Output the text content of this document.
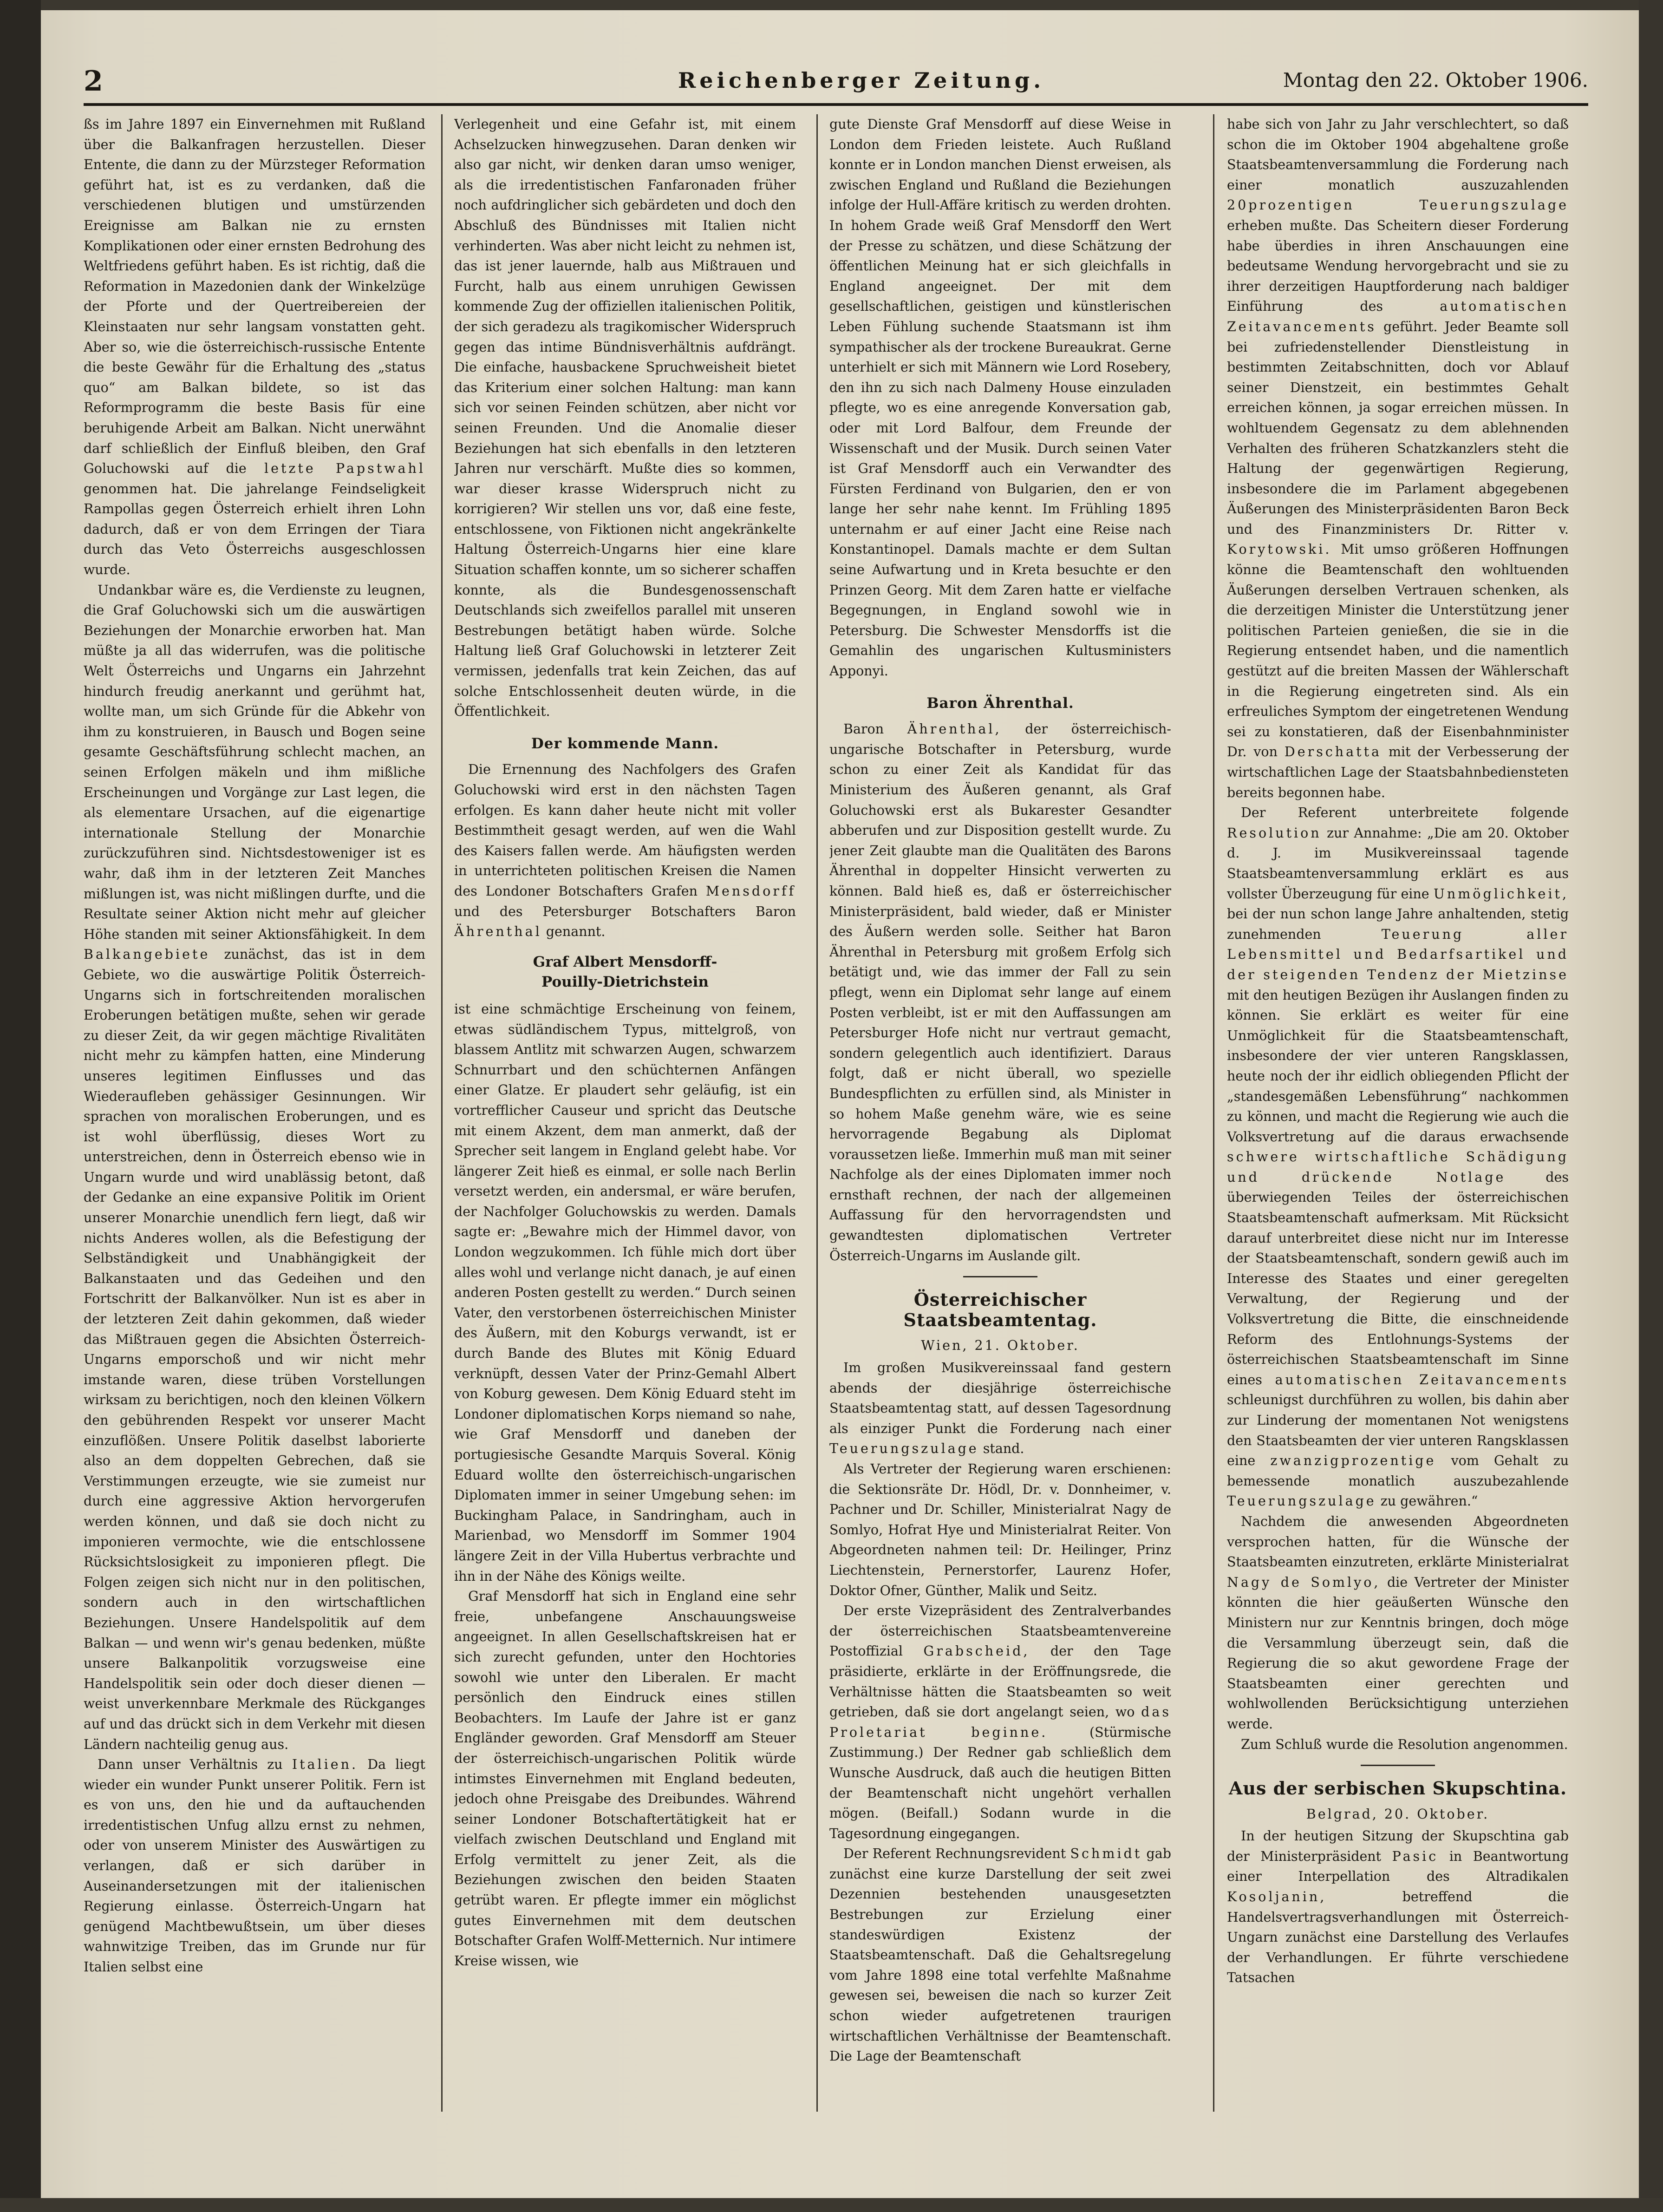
2	Reichenberger Zeitung.	Montag den 22. Oktober 1906.

ßs im Jahre 1897 ein Einvernehmen mit Rußland über die Balkanfragen herzustellen. Dieser Entente, die dann zu der Mürzsteger Reformation geführt hat, ist es zu verdanken, daß die verschiedenen blutigen und umstürzenden Ereignisse am Balkan nie zu ernsten Komplikationen oder einer ernsten Bedrohung des Weltfriedens geführt haben. Es ist richtig, daß die Reformation in Mazedonien dank der Winkelzüge der Pforte und der Quertreibereien der Kleinstaaten nur sehr langsam vonstatten geht. Aber so, wie die österreichisch-russische Entente die beste Gewähr für die Erhaltung des „status quo“ am Balkan bildete, so ist das Reformprogramm die beste Basis für eine beruhigende Arbeit am Balkan. Nicht unerwähnt darf schließlich der Einfluß bleiben, den Graf Goluchowski auf die letzte Papstwahl genommen hat. Die jahrelange Feindseligkeit Rampollas gegen Österreich erhielt ihren Lohn dadurch, daß er von dem Erringen der Tiara durch das Veto Österreichs ausgeschlossen wurde.

Undankbar wäre es, die Verdienste zu leugnen, die Graf Goluchowski sich um die auswärtigen Beziehungen der Monarchie erworben hat. Man müßte ja all das widerrufen, was die politische Welt Österreichs und Ungarns ein Jahrzehnt hindurch freudig anerkannt und gerühmt hat, wollte man, um sich Gründe für die Abkehr von ihm zu konstruieren, in Bausch und Bogen seine gesamte Geschäftsführung schlecht machen, an seinen Erfolgen mäkeln und ihm mißliche Erscheinungen und Vorgänge zur Last legen, die als elementare Ursachen, auf die eigenartige internationale Stellung der Monarchie zurückzuführen sind. Nichtsdestoweniger ist es wahr, daß ihm in der letzteren Zeit Manches mißlungen ist, was nicht mißlingen durfte, und die Resultate seiner Aktion nicht mehr auf gleicher Höhe standen mit seiner Aktionsfähigkeit. In dem Balkangebiete zunächst, das ist in dem Gebiete, wo die auswärtige Politik Österreich-Ungarns sich in fortschreitenden moralischen Eroberungen betätigen mußte, sehen wir gerade zu dieser Zeit, da wir gegen mächtige Rivalitäten nicht mehr zu kämpfen hatten, eine Minderung unseres legitimen Einflusses und das Wiederaufleben gehässiger Gesinnungen. Wir sprachen von moralischen Eroberungen, und es ist wohl überflüssig, dieses Wort zu unterstreichen, denn in Österreich ebenso wie in Ungarn wurde und wird unablässig betont, daß der Gedanke an eine expansive Politik im Orient unserer Monarchie unendlich fern liegt, daß wir nichts Anderes wollen, als die Befestigung der Selbständigkeit und Unabhängigkeit der Balkanstaaten und das Gedeihen und den Fortschritt der Balkanvölker. Nun ist es aber in der letzteren Zeit dahin gekommen, daß wieder das Mißtrauen gegen die Absichten Österreich-Ungarns emporschoß und wir nicht mehr imstande waren, diese trüben Vorstellungen wirksam zu berichtigen, noch den kleinen Völkern den gebührenden Respekt vor unserer Macht einzuflößen. Unsere Politik daselbst laborierte also an dem doppelten Gebrechen, daß sie Verstimmungen erzeugte, wie sie zumeist nur durch eine aggressive Aktion hervorgerufen werden können, und daß sie doch nicht zu imponieren vermochte, wie die entschlossene Rücksichtslosigkeit zu imponieren pflegt. Die Folgen zeigen sich nicht nur in den politischen, sondern auch in den wirtschaftlichen Beziehungen. Unsere Handelspolitik auf dem Balkan — und wenn wir's genau bedenken, müßte unsere Balkanpolitik vorzugsweise eine Handelspolitik sein oder doch dieser dienen — weist unverkennbare Merkmale des Rückganges auf und das drückt sich in dem Verkehr mit diesen Ländern nachteilig genug aus.

Dann unser Verhältnis zu Italien. Da liegt wieder ein wunder Punkt unserer Politik. Fern ist es von uns, den hie und da auftauchenden irredentistischen Unfug allzu ernst zu nehmen, oder von unserem Minister des Auswärtigen zu verlangen, daß er sich darüber in Auseinandersetzungen mit der italienischen Regierung einlasse. Österreich-Ungarn hat genügend Machtbewußtsein, um über dieses wahnwitzige Treiben, das im Grunde nur für Italien selbst eine

Verlegenheit und eine Gefahr ist, mit einem Achselzucken hinwegzusehen. Daran denken wir also gar nicht, wir denken daran umso weniger, als die irredentistischen Fanfaronaden früher noch aufdringlicher sich gebärdeten und doch den Abschluß des Bündnisses mit Italien nicht verhinderten. Was aber nicht leicht zu nehmen ist, das ist jener lauernde, halb aus Mißtrauen und Furcht, halb aus einem unruhigen Gewissen kommende Zug der offiziellen italienischen Politik, der sich geradezu als tragikomischer Widerspruch gegen das intime Bündnisverhältnis aufdrängt. Die einfache, hausbackene Spruchweisheit bietet das Kriterium einer solchen Haltung: man kann sich vor seinen Feinden schützen, aber nicht vor seinen Freunden. Und die Anomalie dieser Beziehungen hat sich ebenfalls in den letzteren Jahren nur verschärft. Mußte dies so kommen, war dieser krasse Widerspruch nicht zu korrigieren? Wir stellen uns vor, daß eine feste, entschlossene, von Fiktionen nicht angekränkelte Haltung Österreich-Ungarns hier eine klare Situation schaffen konnte, um so sicherer schaffen konnte, als die Bundesgenossenschaft Deutschlands sich zweifellos parallel mit unseren Bestrebungen betätigt haben würde. Solche Haltung ließ Graf Goluchowski in letzterer Zeit vermissen, jedenfalls trat kein Zeichen, das auf solche Entschlossenheit deuten würde, in die Öffentlichkeit.

Der kommende Mann.

Die Ernennung des Nachfolgers des Grafen Goluchowski wird erst in den nächsten Tagen erfolgen. Es kann daher heute nicht mit voller Bestimmtheit gesagt werden, auf wen die Wahl des Kaisers fallen werde. Am häufigsten werden in unterrichteten politischen Kreisen die Namen des Londoner Botschafters Grafen Mensdorff und des Petersburger Botschafters Baron Ährenthal genannt.

Graf Albert Mensdorff-
Pouilly-Dietrichstein

ist eine schmächtige Erscheinung von feinem, etwas südländischem Typus, mittelgroß, von blassem Antlitz mit schwarzen Augen, schwarzem Schnurrbart und den schüchternen Anfängen einer Glatze. Er plaudert sehr geläufig, ist ein vortrefflicher Causeur und spricht das Deutsche mit einem Akzent, dem man anmerkt, daß der Sprecher seit langem in England gelebt habe. Vor längerer Zeit hieß es einmal, er solle nach Berlin versetzt werden, ein andersmal, er wäre berufen, der Nachfolger Goluchowskis zu werden. Damals sagte er: „Bewahre mich der Himmel davor, von London wegzukommen. Ich fühle mich dort über alles wohl und verlange nicht danach, je auf einen anderen Posten gestellt zu werden.“ Durch seinen Vater, den verstorbenen österreichischen Minister des Äußern, mit den Koburgs verwandt, ist er durch Bande des Blutes mit König Eduard verknüpft, dessen Vater der Prinz-Gemahl Albert von Koburg gewesen. Dem König Eduard steht im Londoner diplomatischen Korps niemand so nahe, wie Graf Mensdorff und daneben der portugiesische Gesandte Marquis Soveral. König Eduard wollte den österreichisch-ungarischen Diplomaten immer in seiner Umgebung sehen: im Buckingham Palace, in Sandringham, auch in Marienbad, wo Mensdorff im Sommer 1904 längere Zeit in der Villa Hubertus verbrachte und ihn in der Nähe des Königs weilte.

Graf Mensdorff hat sich in England eine sehr freie, unbefangene Anschauungsweise angeeignet. In allen Gesellschaftskreisen hat er sich zurecht gefunden, unter den Hochtories sowohl wie unter den Liberalen. Er macht persönlich den Eindruck eines stillen Beobachters. Im Laufe der Jahre ist er ganz Engländer geworden. Graf Mensdorff am Steuer der österreichisch-ungarischen Politik würde intimstes Einvernehmen mit England bedeuten, jedoch ohne Preisgabe des Dreibundes. Während seiner Londoner Botschaftertätigkeit hat er vielfach zwischen Deutschland und England mit Erfolg vermittelt zu jener Zeit, als die Beziehungen zwischen den beiden Staaten getrübt waren. Er pflegte immer ein möglichst gutes Einvernehmen mit dem deutschen Botschafter Grafen Wolff-Metternich. Nur intimere Kreise wissen, wie

gute Dienste Graf Mensdorff auf diese Weise in London dem Frieden leistete. Auch Rußland konnte er in London manchen Dienst erweisen, als zwischen England und Rußland die Beziehungen infolge der Hull-Affäre kritisch zu werden drohten. In hohem Grade weiß Graf Mensdorff den Wert der Presse zu schätzen, und diese Schätzung der öffentlichen Meinung hat er sich gleichfalls in England angeeignet. Der mit dem gesellschaftlichen, geistigen und künstlerischen Leben Fühlung suchende Staatsmann ist ihm sympathischer als der trockene Bureaukrat. Gerne unterhielt er sich mit Männern wie Lord Rosebery, den ihn zu sich nach Dalmeny House einzuladen pflegte, wo es eine anregende Konversation gab, oder mit Lord Balfour, dem Freunde der Wissenschaft und der Musik. Durch seinen Vater ist Graf Mensdorff auch ein Verwandter des Fürsten Ferdinand von Bulgarien, den er von lange her sehr nahe kennt. Im Frühling 1895 unternahm er auf einer Jacht eine Reise nach Konstantinopel. Damals machte er dem Sultan seine Aufwartung und in Kreta besuchte er den Prinzen Georg. Mit dem Zaren hatte er vielfache Begegnungen, in England sowohl wie in Petersburg. Die Schwester Mensdorffs ist die Gemahlin des ungarischen Kultusministers Apponyi.

Baron Ährenthal.

Baron Ährenthal, der österreichisch-ungarische Botschafter in Petersburg, wurde schon zu einer Zeit als Kandidat für das Ministerium des Äußeren genannt, als Graf Goluchowski erst als Bukarester Gesandter abberufen und zur Disposition gestellt wurde. Zu jener Zeit glaubte man die Qualitäten des Barons Ährenthal in doppelter Hinsicht verwerten zu können. Bald hieß es, daß er österreichischer Ministerpräsident, bald wieder, daß er Minister des Äußern werden solle. Seither hat Baron Ährenthal in Petersburg mit großem Erfolg sich betätigt und, wie das immer der Fall zu sein pflegt, wenn ein Diplomat sehr lange auf einem Posten verbleibt, ist er mit den Auffassungen am Petersburger Hofe nicht nur vertraut gemacht, sondern gelegentlich auch identifiziert. Daraus folgt, daß er nicht überall, wo spezielle Bundespflichten zu erfüllen sind, als Minister in so hohem Maße genehm wäre, wie es seine hervorragende Begabung als Diplomat voraussetzen ließe. Immerhin muß man mit seiner Nachfolge als der eines Diplomaten immer noch ernsthaft rechnen, der nach der allgemeinen Auffassung für den hervorragendsten und gewandtesten diplomatischen Vertreter Österreich-Ungarns im Auslande gilt.

Österreichischer Staatsbeamtentag.
Wien, 21. Oktober.

Im großen Musikvereinssaal fand gestern abends der diesjährige österreichische Staatsbeamtentag statt, auf dessen Tagesordnung als einziger Punkt die Forderung nach einer Teuerungszulage stand.

Als Vertreter der Regierung waren erschienen: die Sektionsräte Dr. Hödl, Dr. v. Donnheimer, v. Pachner und Dr. Schiller, Ministerialrat Nagy de Somlyo, Hofrat Hye und Ministerialrat Reiter. Von Abgeordneten nahmen teil: Dr. Heilinger, Prinz Liechtenstein, Pernerstorfer, Laurenz Hofer, Doktor Ofner, Günther, Malik und Seitz.

Der erste Vizepräsident des Zentralverbandes der österreichischen Staatsbeamtenvereine Postoffizial Grabscheid, der den Tage präsidierte, erklärte in der Eröffnungsrede, die Verhältnisse hätten die Staatsbeamten so weit getrieben, daß sie dort angelangt seien, wo das Proletariat beginne.	(Stürmische Zustimmung.) Der Redner gab schließlich dem Wunsche Ausdruck, daß auch die heutigen Bitten der Beamtenschaft nicht ungehört verhallen mögen. (Beifall.) Sodann wurde in die Tagesordnung eingegangen.

Der Referent Rechnungsrevident Schmidt gab zunächst eine kurze Darstellung der seit zwei Dezennien bestehenden unausgesetzten Bestrebungen zur Erzielung einer standeswürdigen Existenz der Staatsbeamtenschaft. Daß die Gehaltsregelung vom Jahre 1898 eine total verfehlte Maßnahme gewesen sei, beweisen die nach so kurzer Zeit schon wieder aufgetretenen traurigen wirtschaftlichen Verhältnisse der Beamtenschaft. Die Lage der Beamtenschaft

habe sich von Jahr zu Jahr verschlechtert, so daß schon die im Oktober 1904 abgehaltene große Staatsbeamtenversammlung die Forderung nach einer monatlich auszuzahlenden 20prozentigen Teuerungszulage erheben mußte. Das Scheitern dieser Forderung habe überdies in ihren Anschauungen eine bedeutsame Wendung hervorgebracht und sie zu ihrer derzeitigen Hauptforderung nach baldiger Einführung des	automatischen Zeitavancements geführt. Jeder Beamte soll bei zufriedenstellender Dienstleistung in bestimmten Zeitabschnitten, doch vor Ablauf seiner Dienstzeit, ein bestimmtes Gehalt erreichen können, ja sogar erreichen müssen. In wohltuendem Gegensatz zu dem ablehnenden Verhalten des früheren Schatzkanzlers steht die Haltung der gegenwärtigen Regierung, insbesondere die im Parlament abgegebenen Äußerungen des Ministerpräsidenten Baron Beck und des Finanzministers Dr. Ritter v. Korytowski. Mit umso größeren Hoffnungen könne die Beamtenschaft den wohltuenden Äußerungen derselben Vertrauen schenken, als die derzeitigen Minister die Unterstützung jener politischen Parteien genießen, die sie in die Regierung entsendet haben, und die namentlich gestützt auf die breiten Massen der Wählerschaft in die Regierung eingetreten sind. Als ein erfreuliches Symptom der eingetretenen Wendung sei zu konstatieren, daß der Eisenbahnminister Dr. von Derschatta mit der Verbesserung der wirtschaftlichen Lage der Staatsbahnbediensteten bereits begonnen habe.

Der Referent unterbreitete folgende Resolution zur Annahme: „Die am 20. Oktober d. J. im Musikvereinssaal tagende Staatsbeamtenversammlung erklärt es aus vollster Überzeugung für eine Unmöglichkeit, bei der nun schon lange Jahre anhaltenden, stetig zunehmenden	Teuerung aller Lebensmittel und Bedarfsartikel und der steigenden Tendenz der Mietzinse mit den heutigen Bezügen ihr Auslangen finden zu können. Sie erklärt es weiter für eine Unmöglichkeit für die Staatsbeamtenschaft, insbesondere der vier unteren Rangsklassen, heute noch der ihr eidlich obliegenden Pflicht der „standesgemäßen Lebensführung“ nachkommen zu können, und macht die Regierung wie auch die Volksvertretung auf die daraus erwachsende schwere wirtschaftliche Schädigung und drückende Notlage	des überwiegenden Teiles der österreichischen Staatsbeamtenschaft aufmerksam. Mit Rücksicht darauf unterbreitet diese nicht nur im Interesse der Staatsbeamtenschaft, sondern gewiß auch im Interesse des Staates und einer geregelten Verwaltung, der Regierung und der Volksvertretung die Bitte, die einschneidende Reform des Entlohnungs-Systems der österreichischen Staatsbeamtenschaft im Sinne eines automatischen Zeitavancements schleunigst durchführen zu wollen, bis dahin aber zur Linderung der momentanen Not wenigstens den Staatsbeamten der vier unteren Rangsklassen eine zwanzigprozentige vom Gehalt zu bemessende monatlich auszubezahlende Teuerungszulage zu gewähren.“

Nachdem die anwesenden Abgeordneten versprochen hatten, für die Wünsche der Staatsbeamten einzutreten, erklärte Ministerialrat Nagy de Somlyo, die Vertreter der Minister könnten die hier geäußerten Wünsche den Ministern nur zur Kenntnis bringen, doch möge die Versammlung überzeugt sein, daß die Regierung die so akut gewordene Frage der Staatsbeamten einer gerechten und wohlwollenden Berücksichtigung unterziehen werde.

Zum Schluß wurde die Resolution angenommen.

Aus der serbischen Skupschtina.
Belgrad, 20. Oktober.

In der heutigen Sitzung der Skupschtina gab der Ministerpräsident Pasic in Beantwortung einer Interpellation des Altradikalen Kosoljanin,	betreffend die Handelsvertragsverhandlungen mit Österreich-Ungarn zunächst eine Darstellung des Verlaufes der Verhandlungen. Er führte verschiedene Tatsachen
